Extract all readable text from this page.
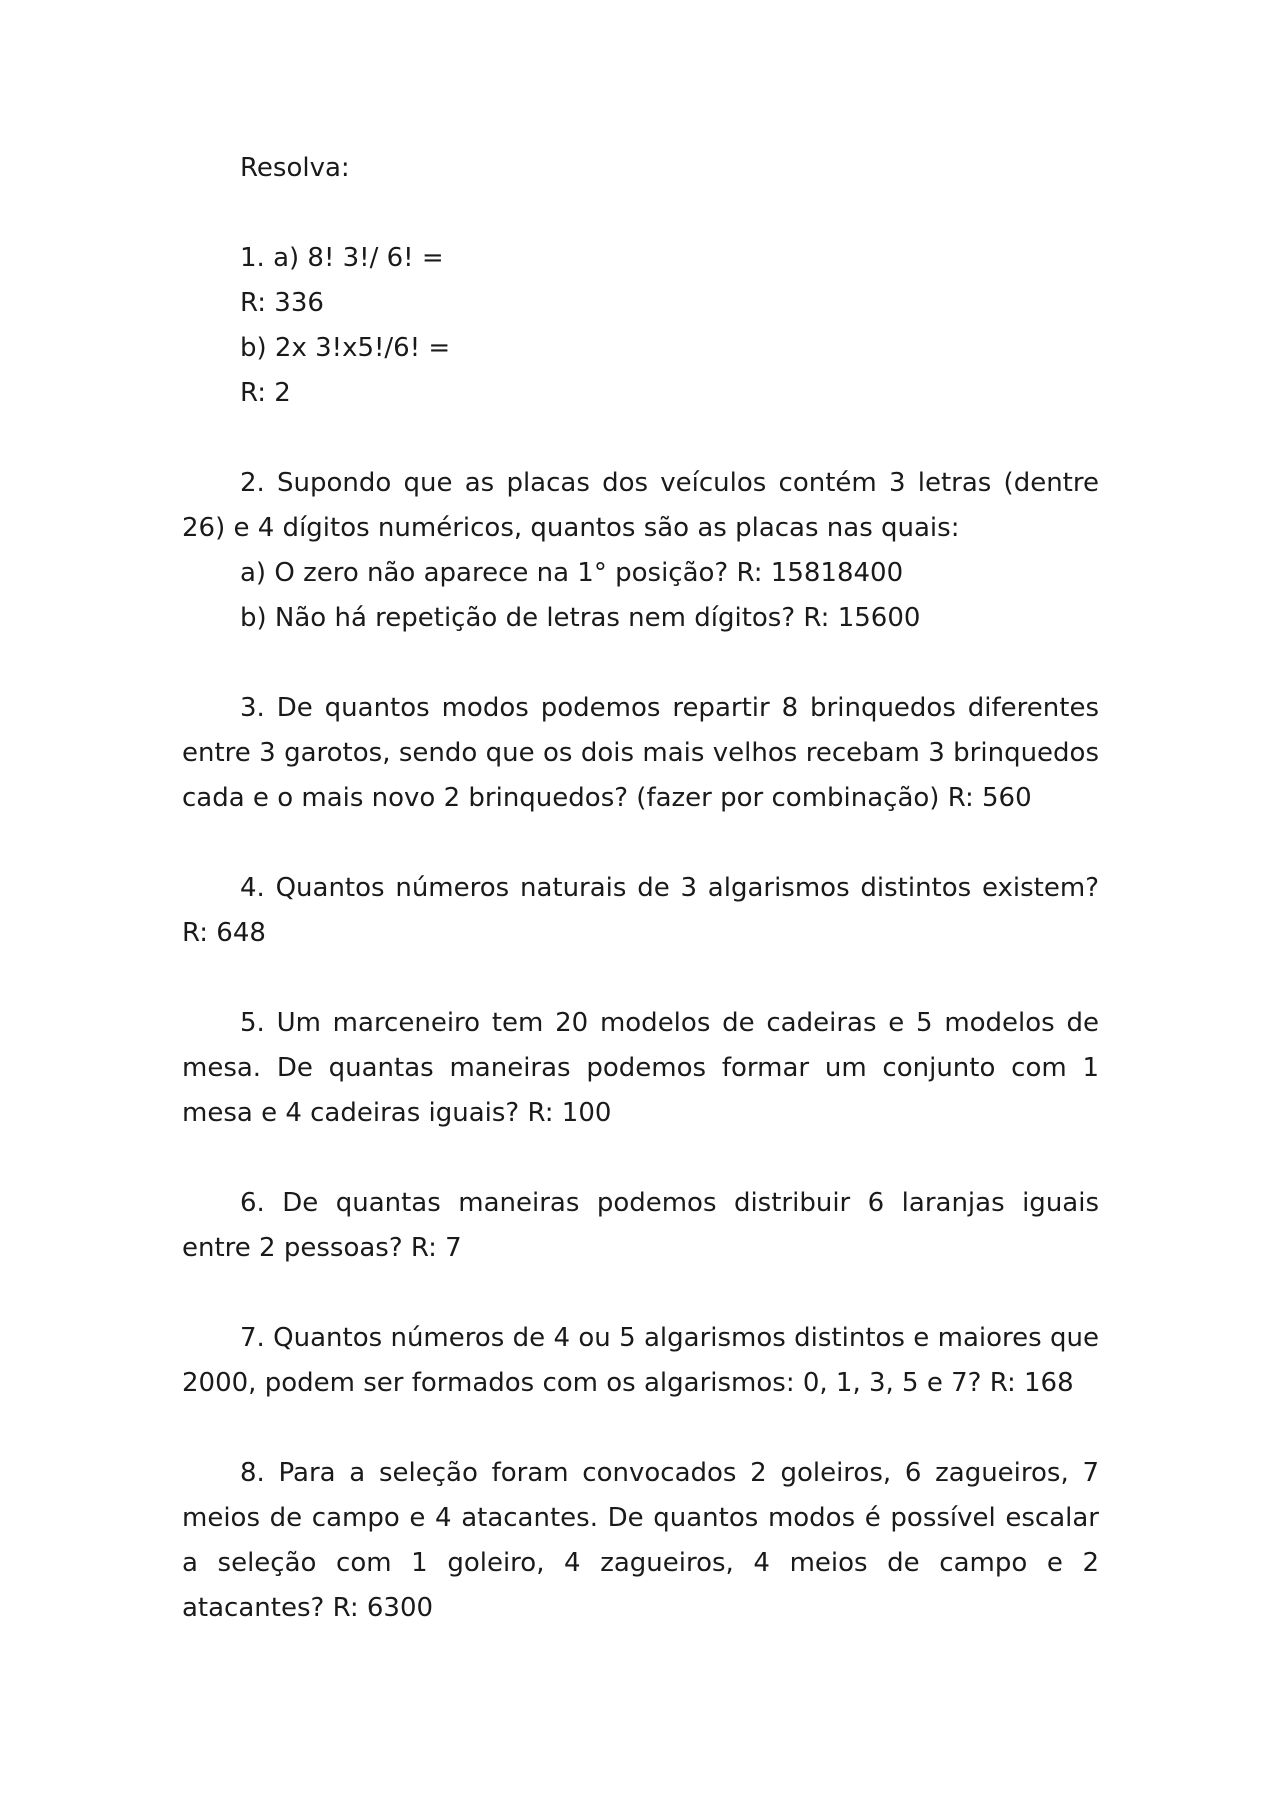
Resolva:

1. a) 8! 3!/ 6! =

R: 336

b) 2x 3!x5!/6! =

R: 2

2. Supondo que as placas dos veículos contém 3 letras (dentre 26) e 4 dígitos numéricos, quantos são as placas nas quais:

a) O zero não aparece na 1° posição? R: 15818400

b) Não há repetição de letras nem dígitos? R: 15600

3. De quantos modos podemos repartir 8 brinquedos diferentes entre 3 garotos, sendo que os dois mais velhos recebam 3 brinquedos cada e o mais novo 2 brinquedos? (fazer por combinação) R: 560

4. Quantos números naturais de 3 algarismos distintos existem? R: 648

5. Um marceneiro tem 20 modelos de cadeiras e 5 modelos de mesa. De quantas maneiras podemos formar um conjunto com 1 mesa e 4 cadeiras iguais? R: 100

6. De quantas maneiras podemos distribuir 6 laranjas iguais entre 2 pessoas? R: 7

7. Quantos números de 4 ou 5 algarismos distintos e maiores que 2000, podem ser formados com os algarismos: 0, 1, 3, 5 e 7? R: 168

8. Para a seleção foram convocados 2 goleiros, 6 zagueiros, 7 meios de campo e 4 atacantes. De quantos modos é possível escalar a seleção com 1 goleiro, 4 zagueiros, 4 meios de campo e 2 atacantes? R: 6300
